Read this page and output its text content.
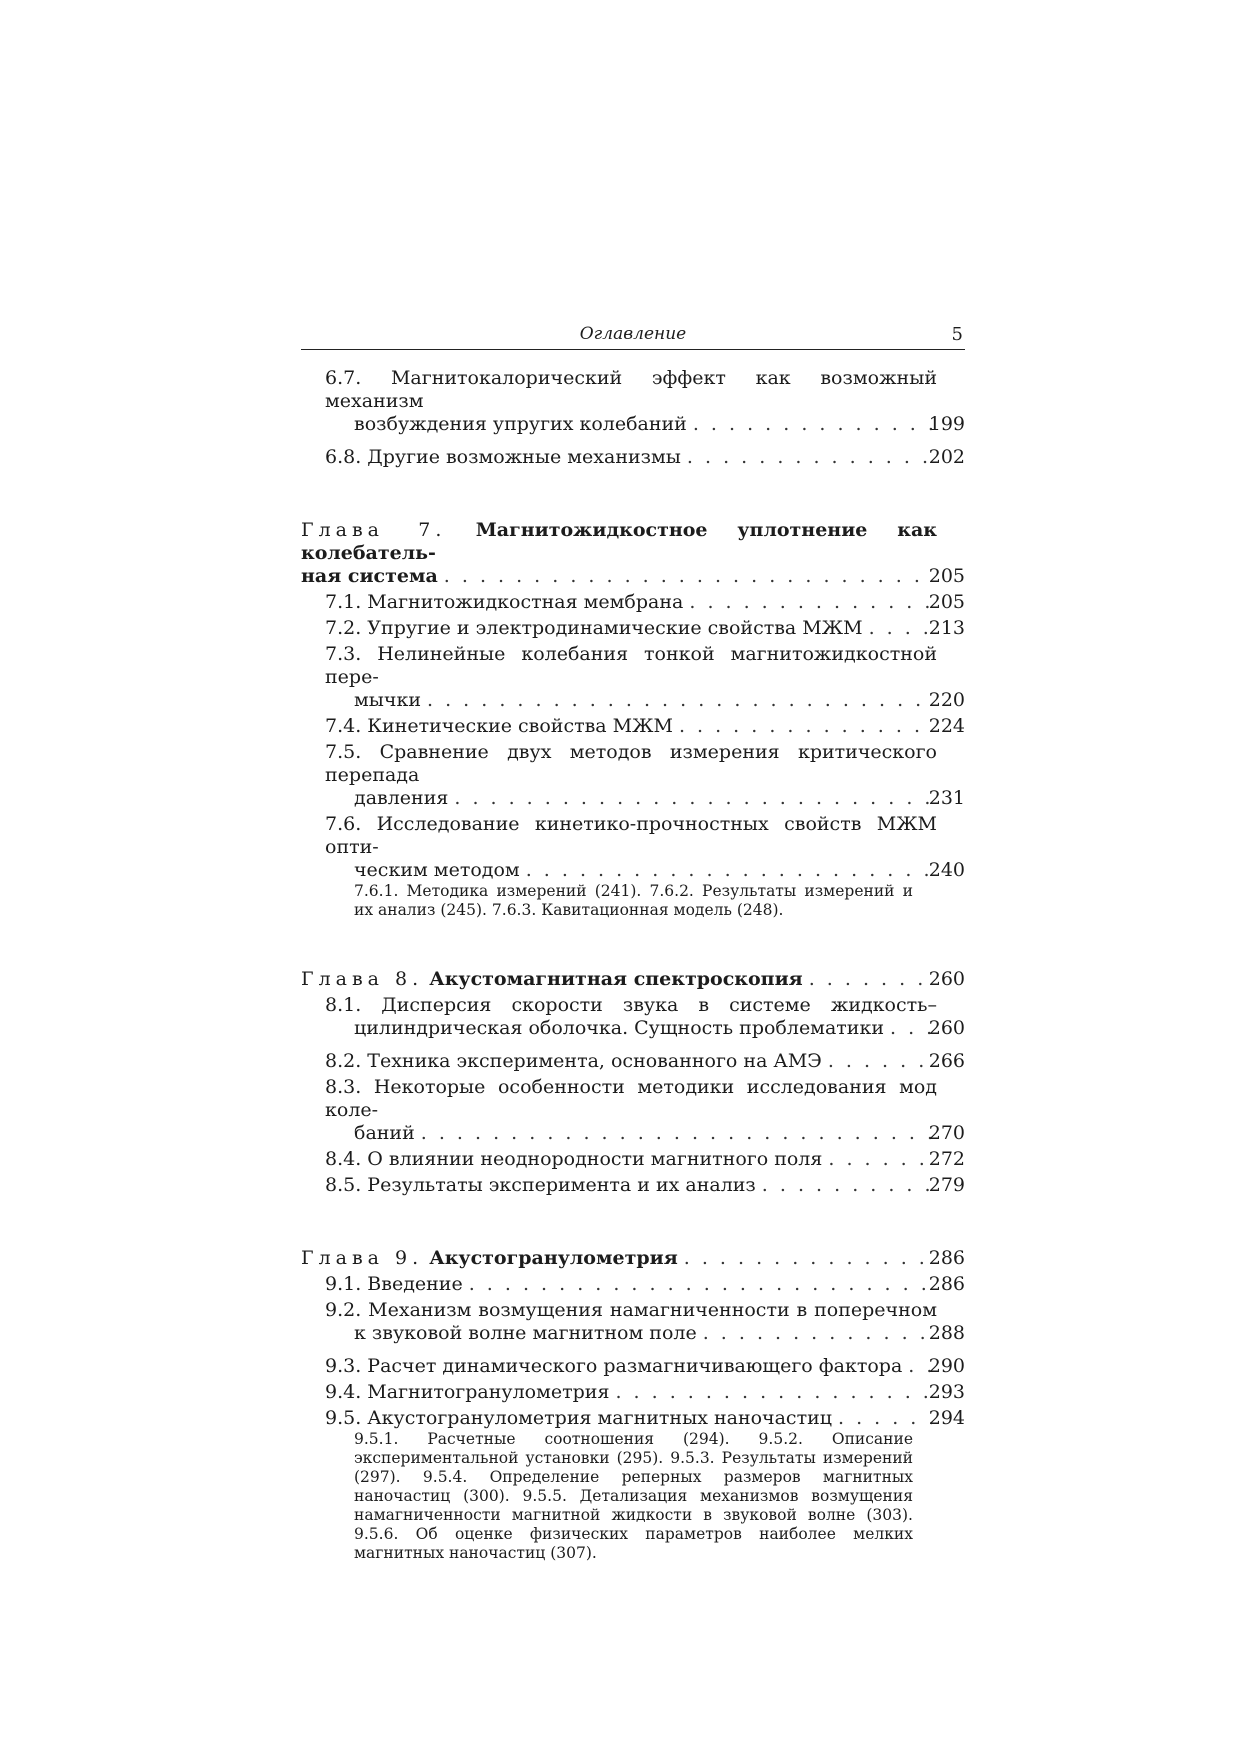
Оглавление	5
6.7. Магнитокалорический эффект как возможный механизм
возбуждения упругих колебаний . . .	199
6.8. Другие возможные механизмы . . .	202
Глава 7. Магнитожидкостное уплотнение как колебатель-
ная система . . .	205
7.1. Магнитожидкостная мембрана . . .	205
7.2. Упругие и электродинамические свойства МЖМ . . .	213
7.3. Нелинейные колебания тонкой магнитожидкостной пере-
мычки . . .	220
7.4. Кинетические свойства МЖМ . . .	224
7.5. Сравнение двух методов измерения критического перепада
давления . . .	231
7.6. Исследование кинетико-прочностных свойств МЖМ опти-
ческим методом . . .	240
7.6.1. Методика измерений (241). 7.6.2. Результаты измерений и их анализ (245). 7.6.3. Кавитационная модель (248).
Глава 8. Акустомагнитная спектроскопия . . .	260
8.1. Дисперсия скорости звука в системе жидкость–
цилиндрическая оболочка. Сущность проблематики . . .	260
8.2. Техника эксперимента, основанного на АМЭ . . .	266
8.3. Некоторые особенности методики исследования мод коле-
баний . . .	270
8.4. О влиянии неоднородности магнитного поля . . .	272
8.5. Результаты эксперимента и их анализ . . .	279
Глава 9. Акустогранулометрия . . .	286
9.1. Введение . . .	286
9.2. Механизм возмущения намагниченности в поперечном
к звуковой волне магнитном поле . . .	288
9.3. Расчет динамического размагничивающего фактора . . .	290
9.4. Магнитогранулометрия . . .	293
9.5. Акустогранулометрия магнитных наночастиц . . .	294
9.5.1. Расчетные соотношения (294). 9.5.2. Описание экспериментальной установки (295). 9.5.3. Результаты измерений (297). 9.5.4. Определение реперных размеров магнитных наночастиц (300). 9.5.5. Детализация механизмов возмущения намагниченности магнитной жидкости в звуковой волне (303). 9.5.6. Об оценке физических параметров наиболее мелких магнитных наночастиц (307).
